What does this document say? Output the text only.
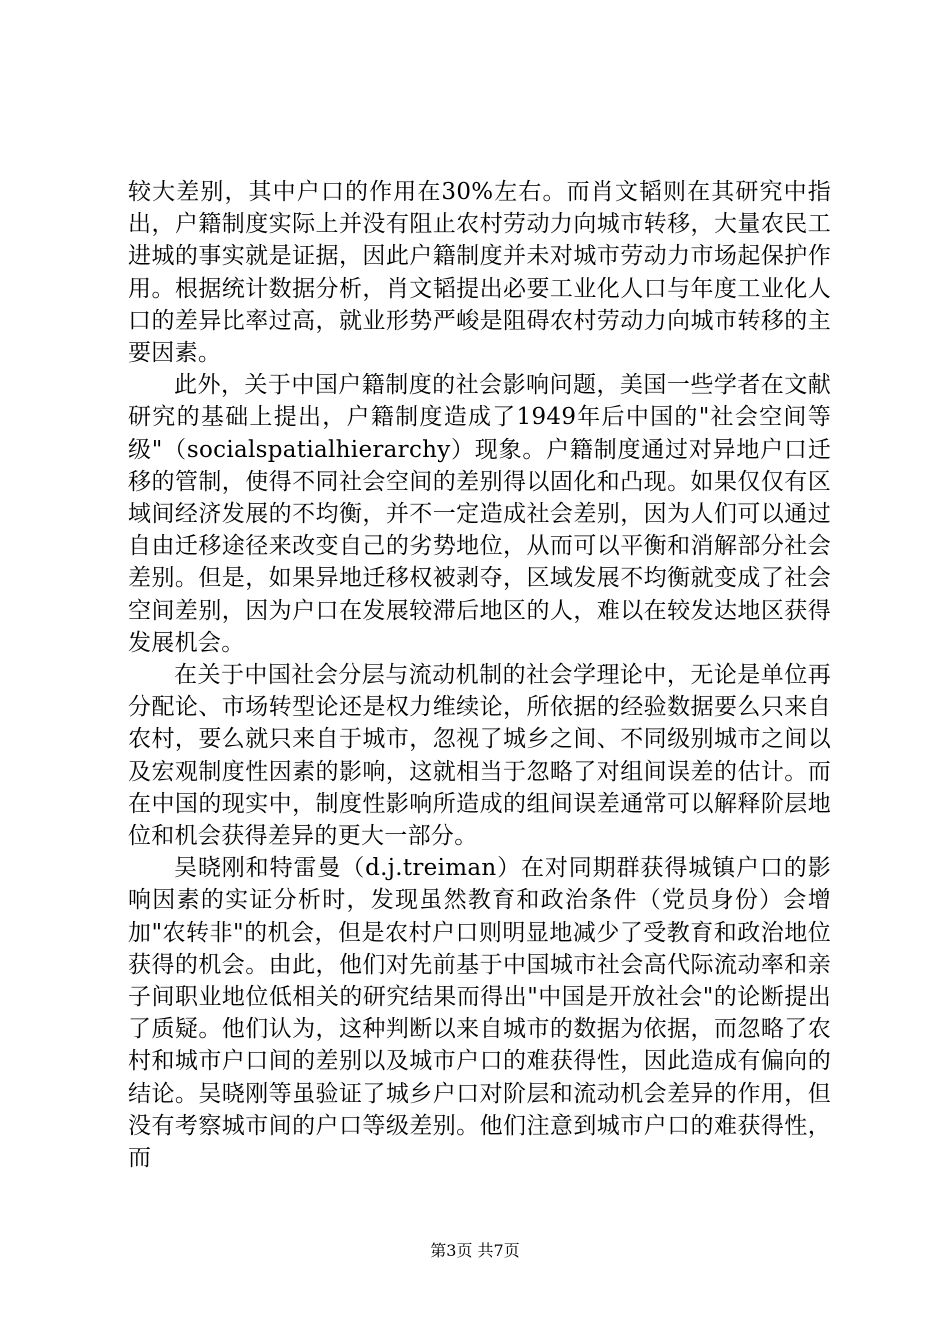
较大差别，其中户口的作用在30%左右。而肖文韬则在其研究中指出，户籍制度实际上并没有阻止农村劳动力向城市转移，大量农民工进城的事实就是证据，因此户籍制度并未对城市劳动力市场起保护作用。根据统计数据分析，肖文韬提出必要工业化人口与年度工业化人口的差异比率过高，就业形势严峻是阻碍农村劳动力向城市转移的主要因素。

此外，关于中国户籍制度的社会影响问题，美国一些学者在文献研究的基础上提出，户籍制度造成了1949年后中国的"社会空间等级"（socialspatialhierarchy）现象。户籍制度通过对异地户口迁移的管制，使得不同社会空间的差别得以固化和凸现。如果仅仅有区域间经济发展的不均衡，并不一定造成社会差别，因为人们可以通过自由迁移途径来改变自己的劣势地位，从而可以平衡和消解部分社会差别。但是，如果异地迁移权被剥夺，区域发展不均衡就变成了社会空间差别，因为户口在发展较滞后地区的人，难以在较发达地区获得发展机会。

在关于中国社会分层与流动机制的社会学理论中，无论是单位再分配论、市场转型论还是权力维续论，所依据的经验数据要么只来自农村，要么就只来自于城市，忽视了城乡之间、不同级别城市之间以及宏观制度性因素的影响，这就相当于忽略了对组间误差的估计。而在中国的现实中，制度性影响所造成的组间误差通常可以解释阶层地位和机会获得差异的更大一部分。

吴晓刚和特雷曼（d.j.treiman）在对同期群获得城镇户口的影响因素的实证分析时，发现虽然教育和政治条件（党员身份）会增加"农转非"的机会，但是农村户口则明显地减少了受教育和政治地位获得的机会。由此，他们对先前基于中国城市社会高代际流动率和亲子间职业地位低相关的研究结果而得出"中国是开放社会"的论断提出了质疑。他们认为，这种判断以来自城市的数据为依据，而忽略了农村和城市户口间的差别以及城市户口的难获得性，因此造成有偏向的结论。吴晓刚等虽验证了城乡户口对阶层和流动机会差异的作用，但没有考察城市间的户口等级差别。他们注意到城市户口的难获得性，而

第3页 共7页
